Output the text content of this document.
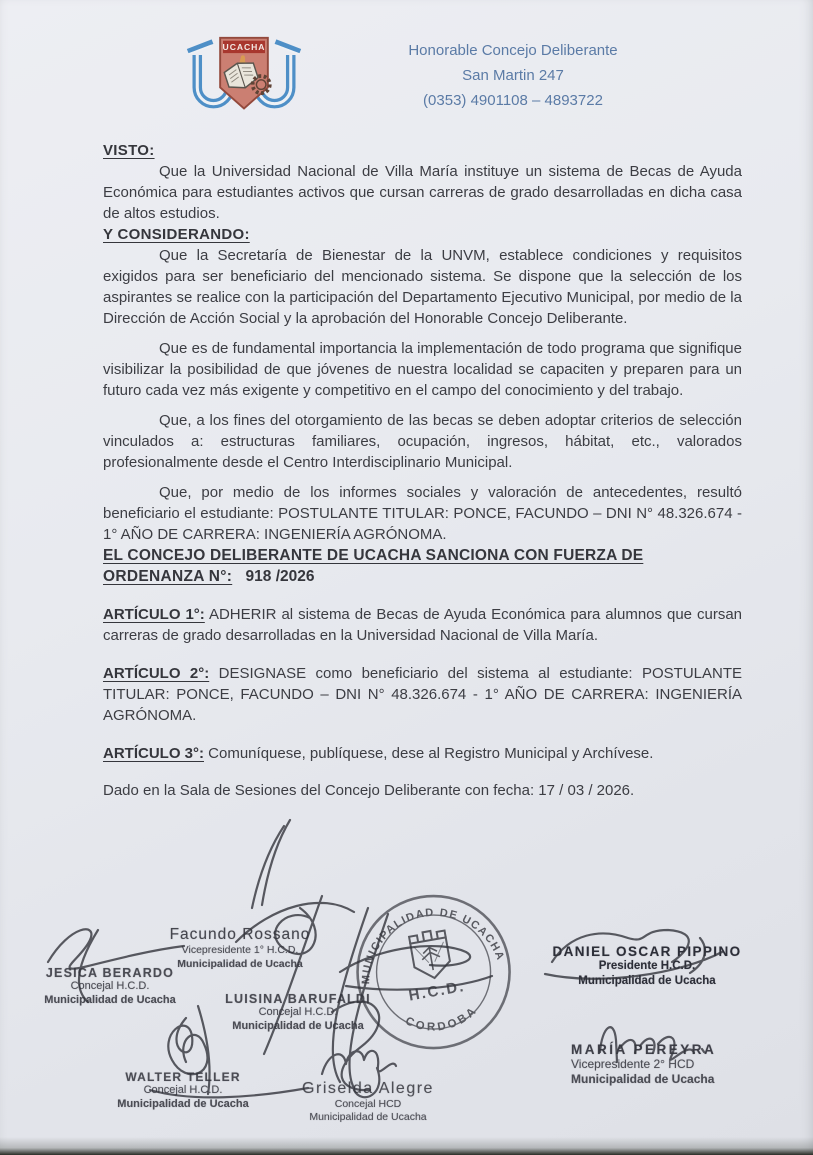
UCACHA	Honorable Concejo Deliberante
San Martin 247
(0353) 4901108 – 4893722

VISTO:

Que la Universidad Nacional de Villa María instituye un sistema de Becas de Ayuda Económica para estudiantes activos que cursan carreras de grado desarrolladas en dicha casa de altos estudios.

Y CONSIDERANDO:

Que la Secretaría de Bienestar de la UNVM, establece condiciones y requisitos exigidos para ser beneficiario del mencionado sistema. Se dispone que la selección de los aspirantes se realice con la participación del Departamento Ejecutivo Municipal, por medio de la Dirección de Acción Social y la aprobación del Honorable Concejo Deliberante.

Que es de fundamental importancia la implementación de todo programa que signifique visibilizar la posibilidad de que jóvenes de nuestra localidad se capaciten y preparen para un futuro cada vez más exigente y competitivo en el campo del conocimiento y del trabajo.

Que, a los fines del otorgamiento de las becas se deben adoptar criterios de selección vinculados a: estructuras familiares, ocupación, ingresos, hábitat, etc., valorados profesionalmente desde el Centro Interdisciplinario Municipal.

Que, por medio de los informes sociales y valoración de antecedentes, resultó beneficiario el estudiante: POSTULANTE TITULAR: PONCE, FACUNDO – DNI N° 48.326.674 - 1° AÑO DE CARRERA: INGENIERÍA AGRÓNOMA.

EL CONCEJO DELIBERANTE DE UCACHA SANCIONA CON FUERZA DE

ORDENANZA N°: 918 /2026

ARTÍCULO 1°: ADHERIR al sistema de Becas de Ayuda Económica para alumnos que cursan carreras de grado desarrolladas en la Universidad Nacional de Villa María.

ARTÍCULO 2°: DESIGNASE como beneficiario del sistema al estudiante: POSTULANTE TITULAR: PONCE, FACUNDO – DNI N° 48.326.674 - 1° AÑO DE CARRERA: INGENIERÍA AGRÓNOMA.

ARTÍCULO 3°: Comuníquese, publíquese, dese al Registro Municipal y Archívese.

Dado en la Sala de Sesiones del Concejo Deliberante con fecha: 17 / 03 / 2026.

MUNICIPALIDAD DE UCACHA
CORDOBA
H.C.D.
Facundo Rossano
Vicepresidente 1° H.C.D.
Municipalidad de Ucacha
JESICA BERARDO
Concejal H.C.D.
Municipalidad de Ucacha	LUISINA BARUFALDI
Concejal H.C.D.
Municipalidad de Ucacha
DANIEL OSCAR PIPPINO
Presidente H.C.D.
Municipalidad de Ucacha
MARÍA PEREYRA
Vicepresidente 2° HCD
Municipalidad de Ucacha
WALTER TELLER
Concejal H.C.D.
Municipalidad de Ucacha
Griselda Alegre
Concejal HCD
Municipalidad de Ucacha
